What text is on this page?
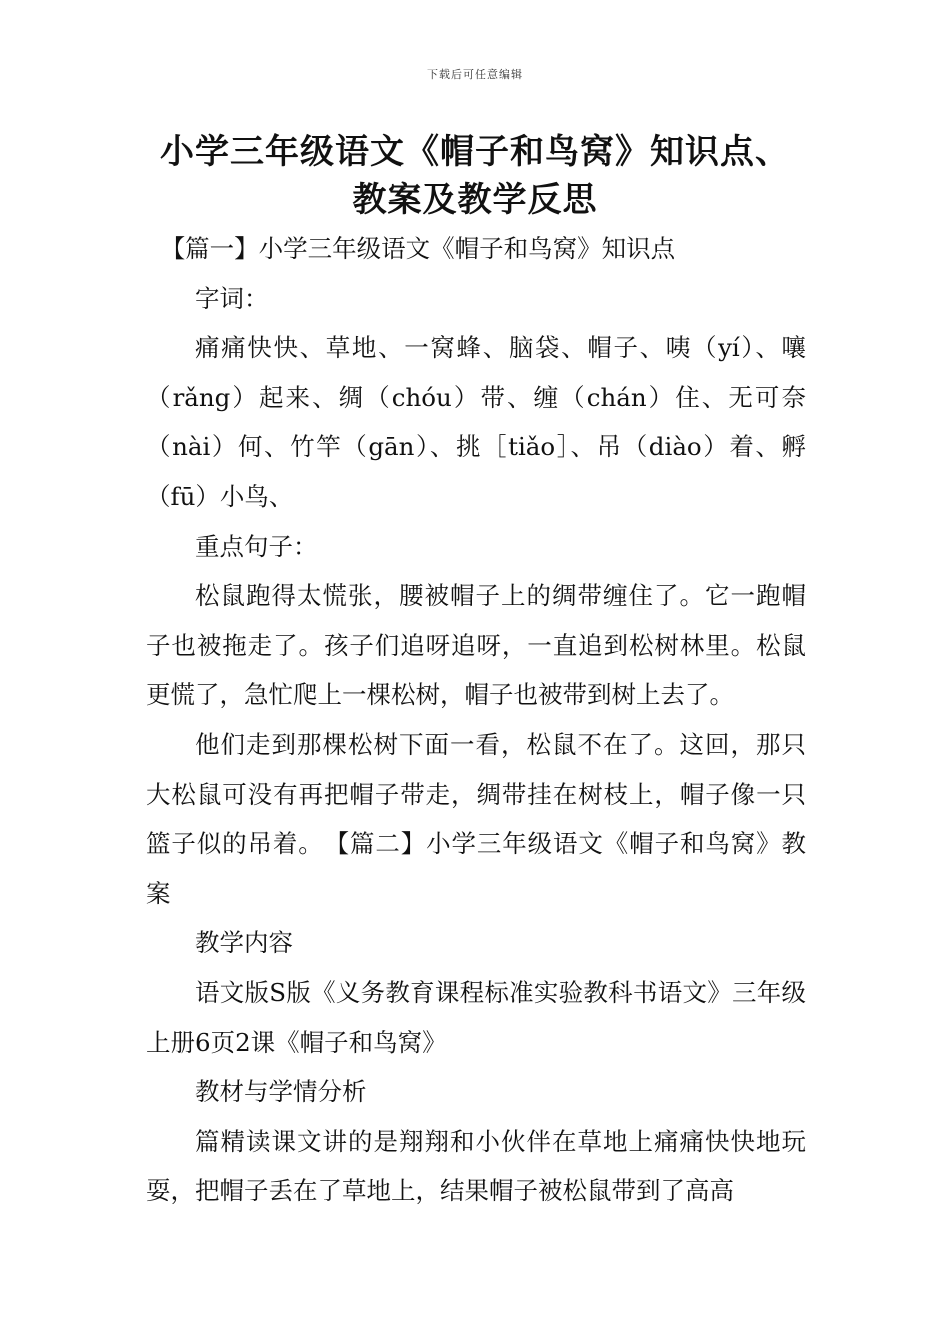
下载后可任意编辑
小学三年级语文《帽子和鸟窝》知识点、
教案及教学反思

【篇一】小学三年级语文《帽子和鸟窝》知识点

字词：

痛痛快快、草地、一窝蜂、脑袋、帽子、咦（yí）、嚷（rǎng）起来、绸（chóu）带、缠（chán）住、无可奈（nài）何、竹竿（gān）、挑［tiǎo］、吊（diào）着、孵（fū）小鸟、

重点句子：

松鼠跑得太慌张，腰被帽子上的绸带缠住了。它一跑帽子也被拖走了。孩子们追呀追呀，一直追到松树林里。松鼠更慌了，急忙爬上一棵松树，帽子也被带到树上去了。

他们走到那棵松树下面一看，松鼠不在了。这回，那只大松鼠可没有再把帽子带走，绸带挂在树枝上，帽子像一只篮子似的吊着。　【篇二】小学三年级语文《帽子和鸟窝》教案

教学内容

语文版S版《义务教育课程标准实验教科书语文》三年级上册6页2课《帽子和鸟窝》

教材与学情分析

篇精读课文讲的是翔翔和小伙伴在草地上痛痛快快地玩耍，把帽子丢在了草地上，结果帽子被松鼠带到了高高
